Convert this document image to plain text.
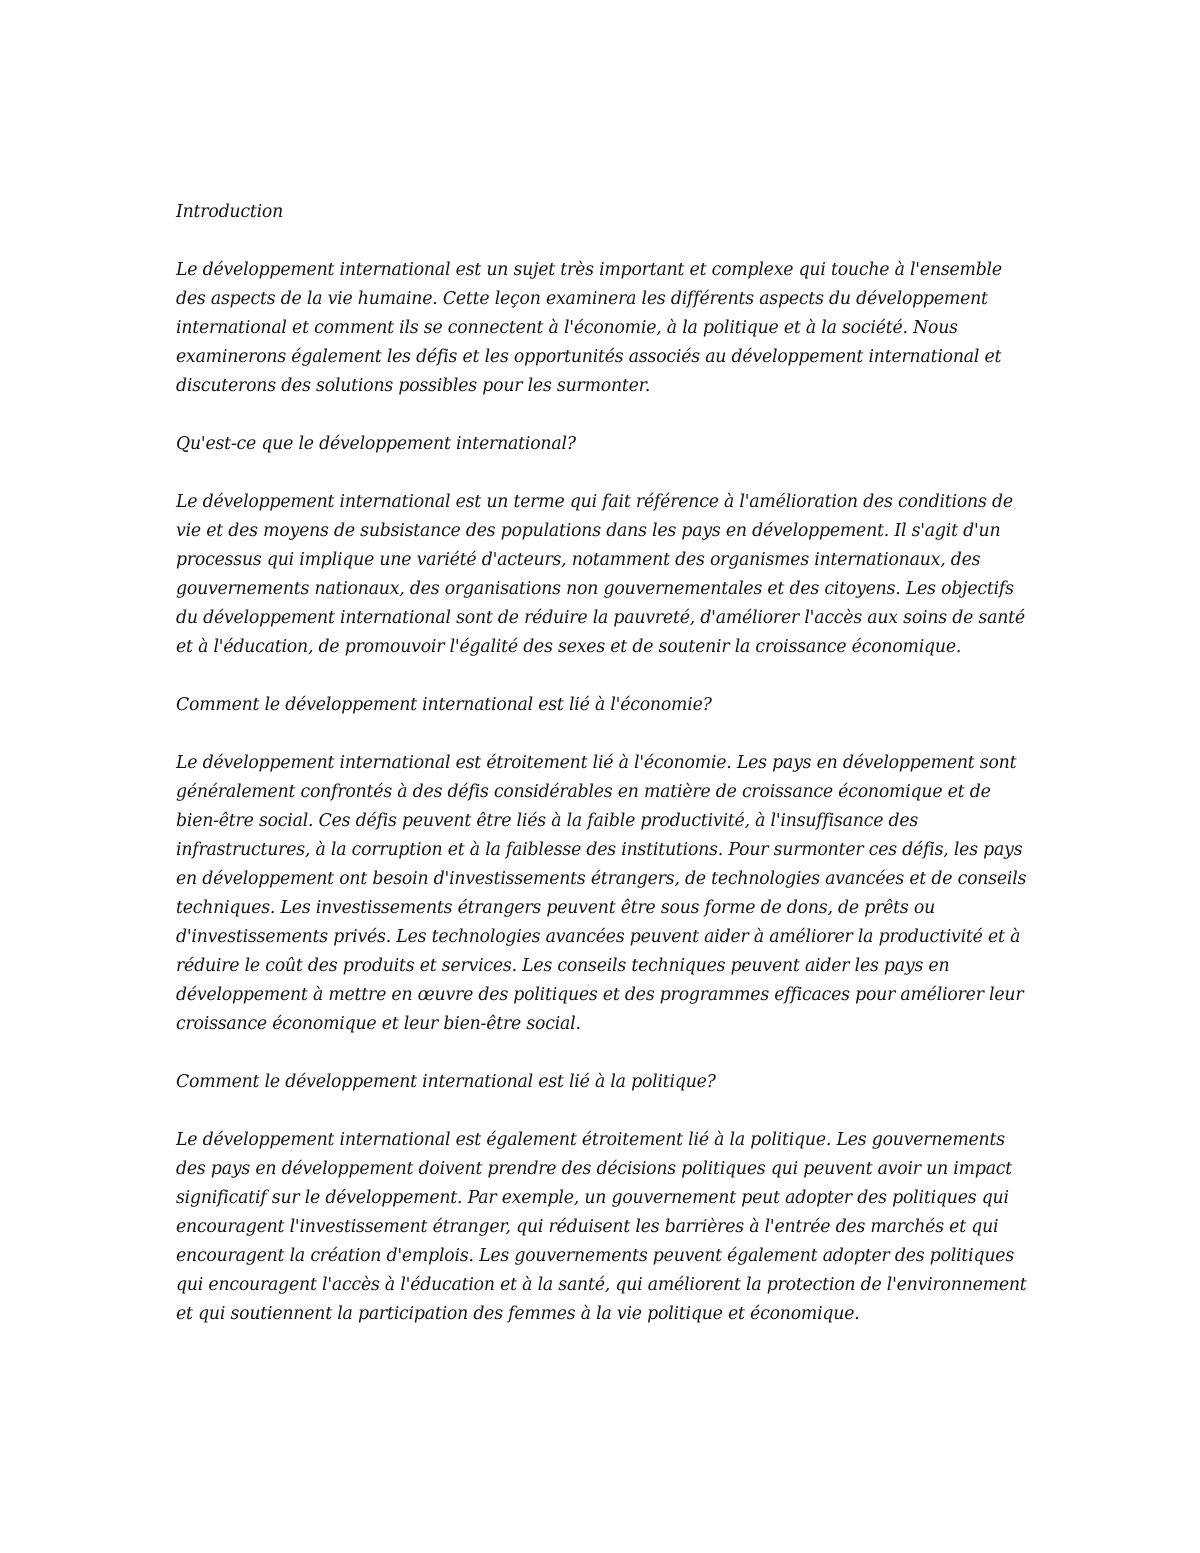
Introduction

Le développement international est un sujet très important et complexe qui touche à l'ensemble des aspects de la vie humaine. Cette leçon examinera les différents aspects du développement international et comment ils se connectent à l'économie, à la politique et à la société. Nous examinerons également les défis et les opportunités associés au développement international et discuterons des solutions possibles pour les surmonter.

Qu'est-ce que le développement international?

Le développement international est un terme qui fait référence à l'amélioration des conditions de vie et des moyens de subsistance des populations dans les pays en développement. Il s'agit d'un processus qui implique une variété d'acteurs, notamment des organismes internationaux, des gouvernements nationaux, des organisations non gouvernementales et des citoyens. Les objectifs du développement international sont de réduire la pauvreté, d'améliorer l'accès aux soins de santé et à l'éducation, de promouvoir l'égalité des sexes et de soutenir la croissance économique.

Comment le développement international est lié à l'économie?

Le développement international est étroitement lié à l'économie. Les pays en développement sont généralement confrontés à des défis considérables en matière de croissance économique et de bien-être social. Ces défis peuvent être liés à la faible productivité, à l'insuffisance des infrastructures, à la corruption et à la faiblesse des institutions. Pour surmonter ces défis, les pays en développement ont besoin d'investissements étrangers, de technologies avancées et de conseils techniques. Les investissements étrangers peuvent être sous forme de dons, de prêts ou d'investissements privés. Les technologies avancées peuvent aider à améliorer la productivité et à réduire le coût des produits et services. Les conseils techniques peuvent aider les pays en développement à mettre en œuvre des politiques et des programmes efficaces pour améliorer leur croissance économique et leur bien-être social.

Comment le développement international est lié à la politique?

Le développement international est également étroitement lié à la politique. Les gouvernements des pays en développement doivent prendre des décisions politiques qui peuvent avoir un impact significatif sur le développement. Par exemple, un gouvernement peut adopter des politiques qui encouragent l'investissement étranger, qui réduisent les barrières à l'entrée des marchés et qui encouragent la création d'emplois. Les gouvernements peuvent également adopter des politiques qui encouragent l'accès à l'éducation et à la santé, qui améliorent la protection de l'environnement et qui soutiennent la participation des femmes à la vie politique et économique.
